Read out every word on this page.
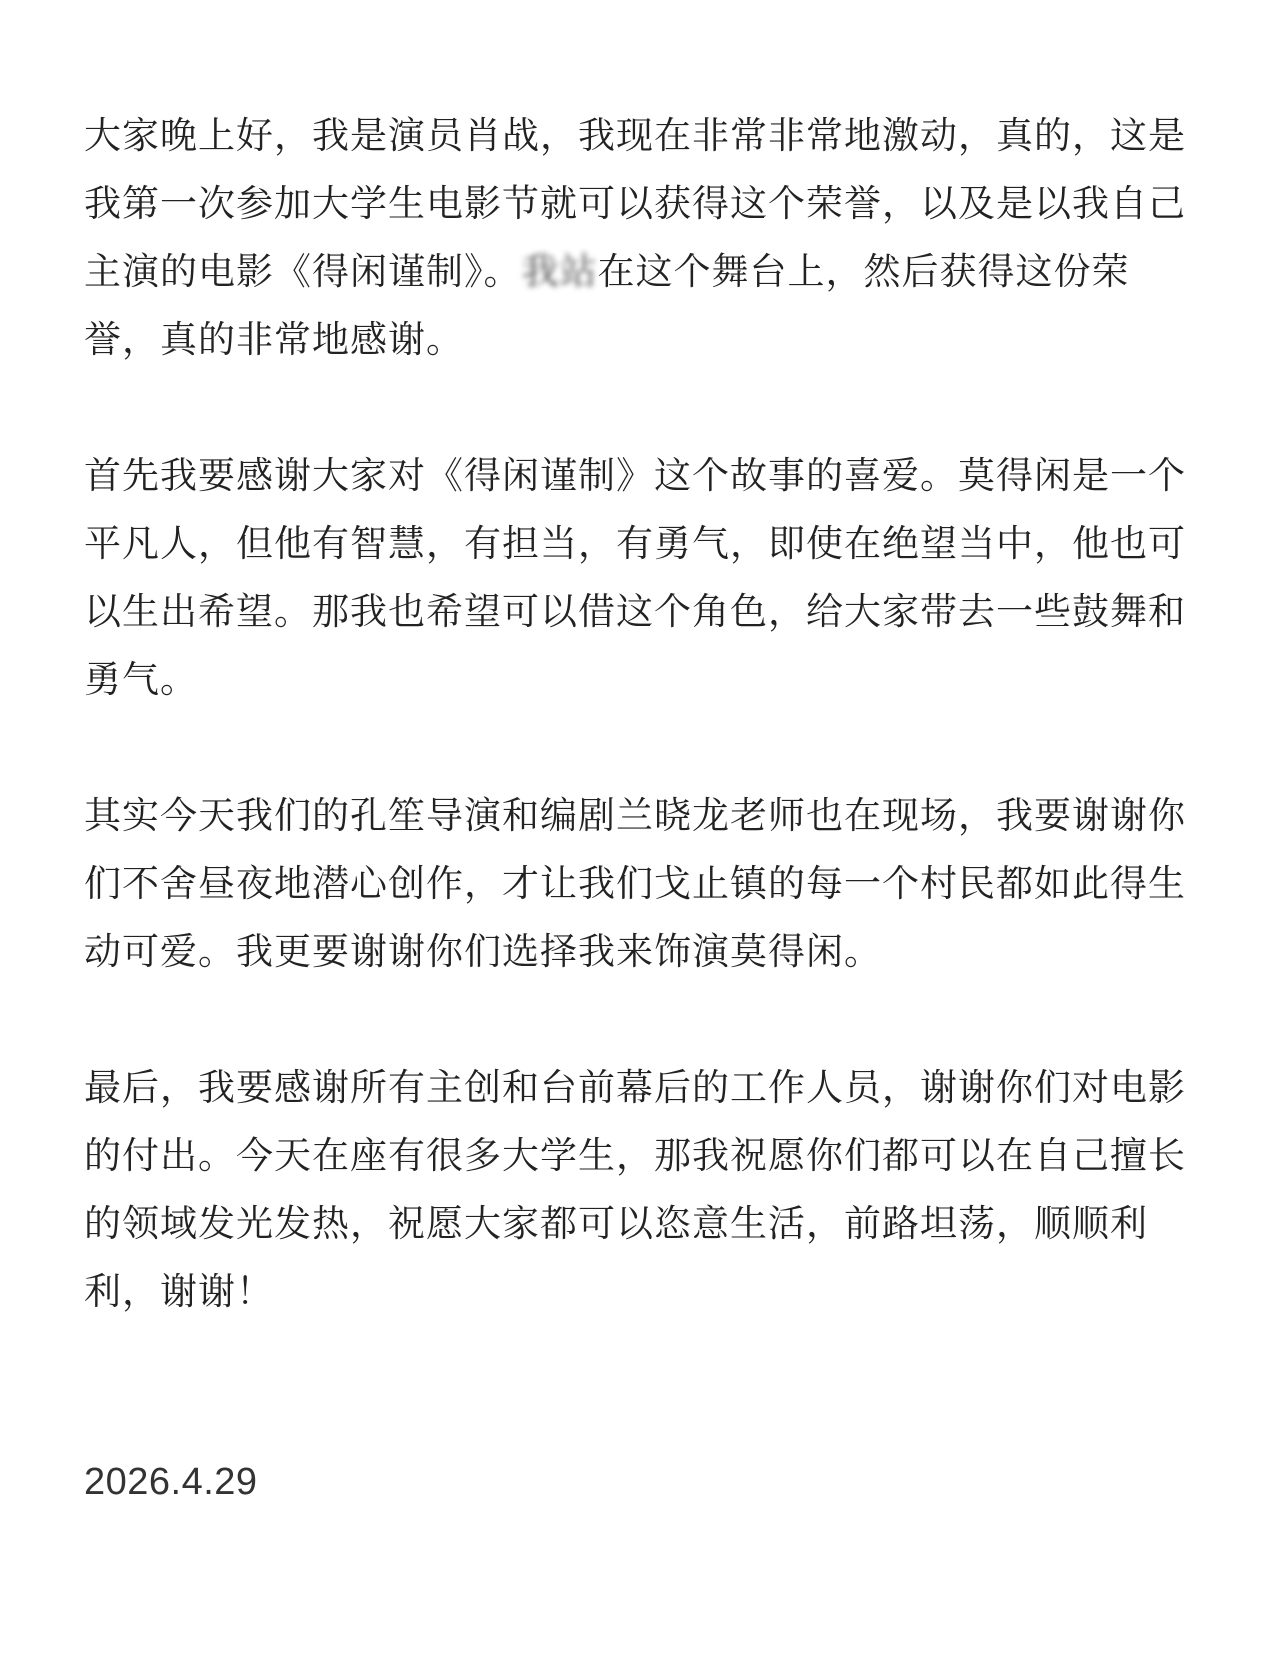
大家晚上好，我是演员肖战，我现在非常非常地激动，真的，这是我第一次参加大学生电影节就可以获得这个荣誉，以及是以我自己主演的电影《得闲谨制》。我站在这个舞台上，然后获得这份荣誉，真的非常地感谢。

首先我要感谢大家对《得闲谨制》这个故事的喜爱。莫得闲是一个平凡人，但他有智慧，有担当，有勇气，即使在绝望当中，他也可以生出希望。那我也希望可以借这个角色，给大家带去一些鼓舞和勇气。

其实今天我们的孔笙导演和编剧兰晓龙老师也在现场，我要谢谢你们不舍昼夜地潜心创作，才让我们戈止镇的每一个村民都如此得生动可爱。我更要谢谢你们选择我来饰演莫得闲。

最后，我要感谢所有主创和台前幕后的工作人员，谢谢你们对电影的付出。今天在座有很多大学生，那我祝愿你们都可以在自己擅长的领域发光发热，祝愿大家都可以恣意生活，前路坦荡，顺顺利利，谢谢！

2026.4.29
